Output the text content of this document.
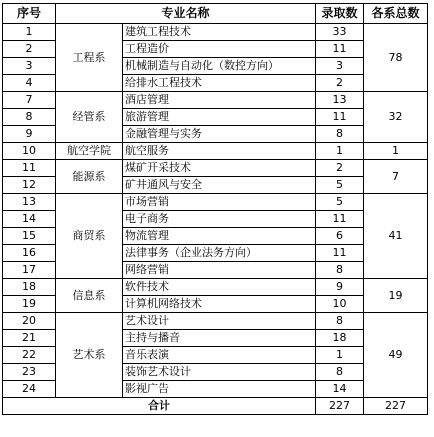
序号	专业名称		录取数	各系总数
1	工程系	建筑工程技术	33	78
2		工程造价	11	
3		机械制造与自动化（数控方向）	3	
4		给排水工程技术	2	
7	经管系	酒店管理	13	32
8		旅游管理	11	
9		金融管理与实务	8	
10	航空学院	航空服务	1	1
11	能源系	煤矿开采技术	2	7
12		矿井通风与安全	5	
13	商贸系	市场营销	5	41
14		电子商务	11	
15		物流管理	6	
16		法律事务（企业法务方向）	11	
17		网络营销	8	
18	信息系	软件技术	9	19
19		计算机网络技术	10	
20	艺术系	艺术设计	8	49
21		主持与播音	18	
22		音乐表演	1	
23		装饰艺术设计	8	
24		影视广告	14	
合计			227	227
